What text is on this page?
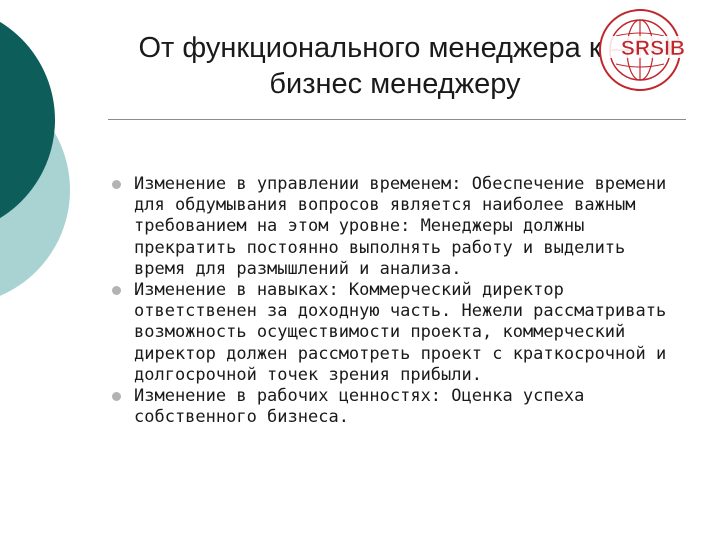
От функционального менеджера к
бизнес менеджеру
SRSIB
Изменение в управлении временем: Обеспечение времени для обдумывания вопросов является наиболее важным требованием на этом уровне: Менеджеры должны прекратить постоянно выполнять работу и выделить время для размышлений и анализа.
Изменение в навыках: Коммерческий директор ответственен за доходную часть. Нежели рассматривать возможность осуществимости проекта, коммерческий директор должен рассмотреть проект с краткосрочной и долгосрочной точек зрения прибыли.
Изменение в рабочих ценностях: Оценка успеха собственного бизнеса.
